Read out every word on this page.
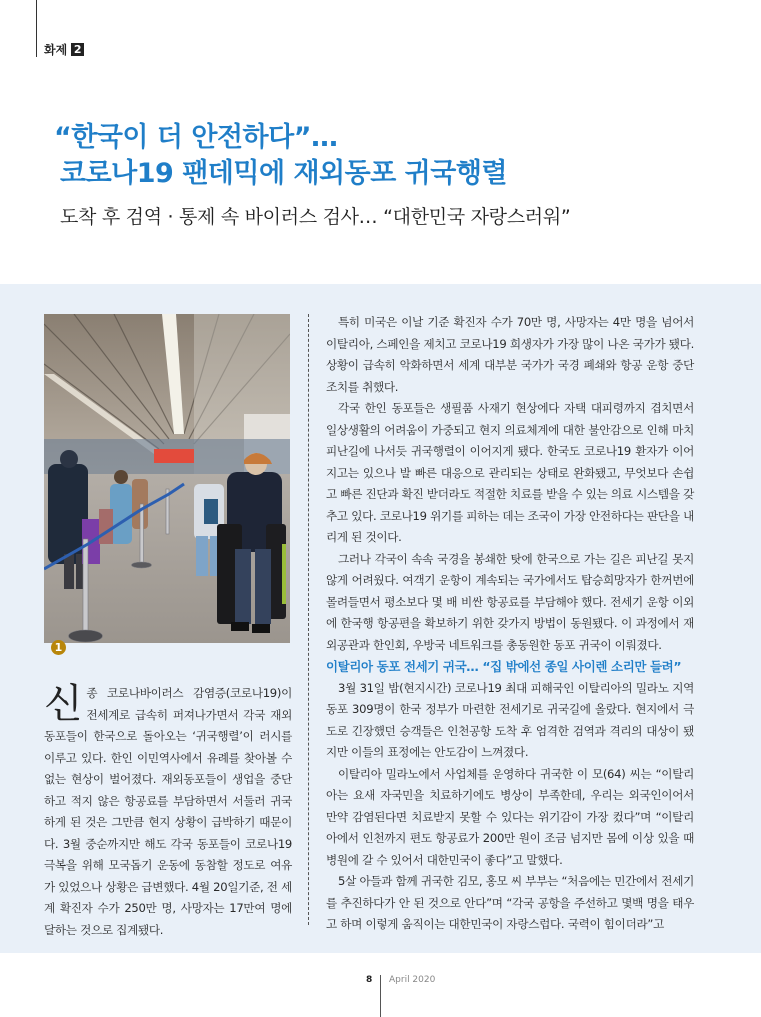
화제 2
“한국이 더 안전하다”…
코로나19 팬데믹에 재외동포 귀국행렬
도착 후 검역 · 통제 속 바이러스 검사… “대한민국 자랑스러워”
1

신종 코로나바이러스 감염증(코로나19)이 전세계로 급속히 퍼져나가면서 각국 재외동포들이 한국으로 돌아오는 ‘귀국행렬’이 러시를 이루고 있다. 한인 이민역사에서 유례를 찾아볼 수 없는 현상이 벌어졌다. 재외동포들이 생업을 중단하고 적지 않은 항공료를 부담하면서 서둘러 귀국하게 된 것은 그만큼 현지 상황이 급박하기 때문이다. 3월 중순까지만 해도 각국 동포들이 코로나19 극복을 위해 모국돕기 운동에 동참할 정도로 여유가 있었으나 상황은 급변했다. 4월 20일기준, 전 세계 확진자 수가 250만 명, 사망자는 17만여 명에 달하는 것으로 집계됐다.

특히 미국은 이날 기준 확진자 수가 70만 명, 사망자는 4만 명을 넘어서 이탈리아, 스페인을 제치고 코로나19 희생자가 가장 많이 나온 국가가 됐다. 상황이 급속히 악화하면서 세계 대부분 국가가 국경 폐쇄와 항공 운항 중단조치를 취했다.

각국 한인 동포들은 생필품 사재기 현상에다 자택 대피령까지 겹치면서 일상생활의 어려움이 가중되고 현지 의료체계에 대한 불안감으로 인해 마치 피난길에 나서듯 귀국행렬이 이어지게 됐다. 한국도 코로나19 환자가 이어지고는 있으나 발 빠른 대응으로 관리되는 상태로 완화됐고, 무엇보다 손쉽고 빠른 진단과 확진 받더라도 적절한 치료를 받을 수 있는 의료 시스템을 갖추고 있다. 코로나19 위기를 피하는 데는 조국이 가장 안전하다는 판단을 내리게 된 것이다.

그러나 각국이 속속 국경을 봉쇄한 탓에 한국으로 가는 길은 피난길 못지않게 어려웠다. 여객기 운항이 계속되는 국가에서도 탑승희망자가 한꺼번에 몰려들면서 평소보다 몇 배 비싼 항공료를 부담해야 했다. 전세기 운항 이외에 한국행 항공편을 확보하기 위한 갖가지 방법이 동원됐다. 이 과정에서 재외공관과 한인회, 우방국 네트워크를 총동원한 동포 귀국이 이뤄졌다.

이탈리아 동포 전세기 귀국… “집 밖에선 종일 사이렌 소리만 들려”

3월 31일 밤(현지시간) 코로나19 최대 피해국인 이탈리아의 밀라노 지역 동포 309명이 한국 정부가 마련한 전세기로 귀국길에 올랐다. 현지에서 극도로 긴장했던 승객들은 인천공항 도착 후 엄격한 검역과 격리의 대상이 됐지만 이들의 표정에는 안도감이 느껴졌다.

이탈리아 밀라노에서 사업체를 운영하다 귀국한 이 모(64) 씨는 “이탈리아는 요새 자국민을 치료하기에도 병상이 부족한데, 우리는 외국인이어서 만약 감염된다면 치료받지 못할 수 있다는 위기감이 가장 컸다”며 “이탈리아에서 인천까지 편도 항공료가 200만 원이 조금 넘지만 몸에 이상 있을 때 병원에 갈 수 있어서 대한민국이 좋다”고 말했다.

5살 아들과 함께 귀국한 김모, 홍모 씨 부부는 “처음에는 민간에서 전세기를 추진하다가 안 된 것으로 안다”며 “각국 공항을 주선하고 몇백 명을 태우고 하며 이렇게 움직이는 대한민국이 자랑스럽다. 국력이 힘이더라”고

8 April 2020
